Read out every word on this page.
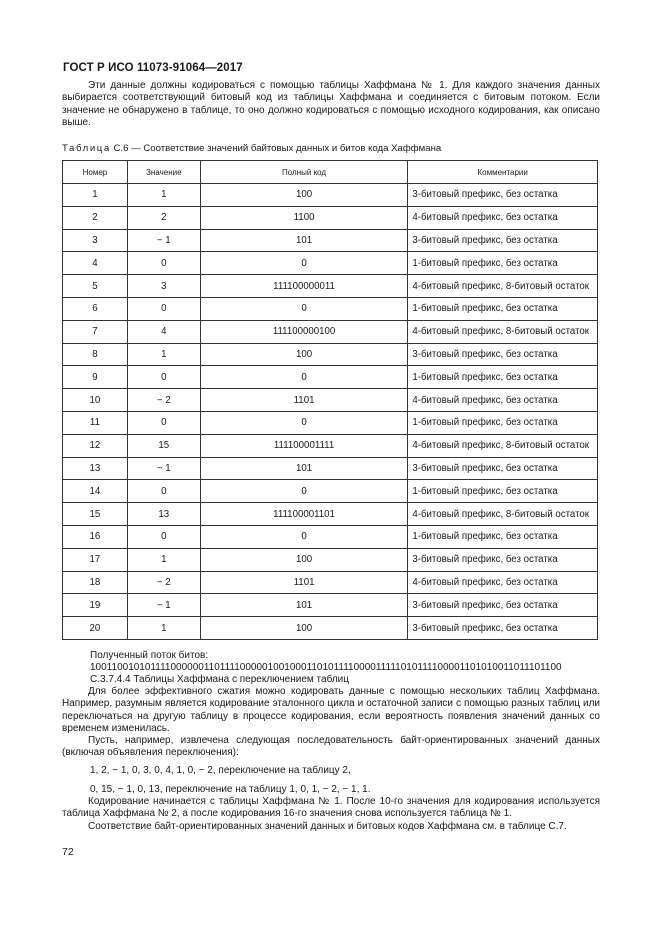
ГОСТ Р ИСО 11073-91064—2017
Эти данные должны кодироваться с помощью таблицы Хаффмана № 1. Для каждого значения данных выбирается соответствующий битовый код из таблицы Хаффмана и соединяется с битовым потоком. Если значение не обнаружено в таблице, то оно должно кодироваться с помощью исходного кодирования, как описано выше.
Таблица С.6 — Соответствие значений байтовых данных и битов кода Хаффмана
Номер	Значение	Полный код	Комментарии
1	1	100	3-битовый префикс, без остатка
2	2	1100	4-битовый префикс, без остатка
3	− 1	101	3-битовый префикс, без остатка
4	0	0	1-битовый префикс, без остатка
5	3	111100000011	4-битовый префикс, 8-битовый остаток
6	0	0	1-битовый префикс, без остатка
7	4	111100000100	4-битовый префикс, 8-битовый остаток
8	1	100	3-битовый префикс, без остатка
9	0	0	1-битовый префикс, без остатка
10	− 2	1101	4-битовый префикс, без остатка
11	0	0	1-битовый префикс, без остатка
12	15	111100001111	4-битовый префикс, 8-битовый остаток
13	− 1	101	3-битовый префикс, без остатка
14	0	0	1-битовый префикс, без остатка
15	13	111100001101	4-битовый префикс, 8-битовый остаток
16	0	0	1-битовый префикс, без остатка
17	1	100	3-битовый префикс, без остатка
18	− 2	1101	4-битовый префикс, без остатка
19	− 1	101	3-битовый префикс, без остатка
20	1	100	3-битовый префикс, без остатка
Полученный поток битов:
1001100101011110000001101111000001001000110101111000011111010111100001101010011011101100
С.3.7.4.4 Таблицы Хаффмана с переключением таблиц
Для более эффективного сжатия можно кодировать данные с помощью нескольких таблиц Хаффмана. Например, разумным является кодирование эталонного цикла и остаточной записи с помощью разных таблиц или переключаться на другую таблицу в процессе кодирования, если вероятность появления значений данных со временем изменилась.
Пусть, например, извлечена следующая последовательность байт-ориентированных значений данных (включая объявления переключения):
1, 2, − 1, 0, 3, 0, 4, 1, 0, − 2, переключение на таблицу 2,
0, 15, − 1, 0, 13, переключение на таблицу 1, 0, 1, − 2, − 1, 1.
Кодирование начинается с таблицы Хаффмана № 1. После 10-го значения для кодирования используется таблица Хаффмана № 2, а после кодирования 16-го значения снова используется таблица № 1.
Соответствие байт-ориентированных значений данных и битовых кодов Хаффмана см. в таблице С.7.
72
